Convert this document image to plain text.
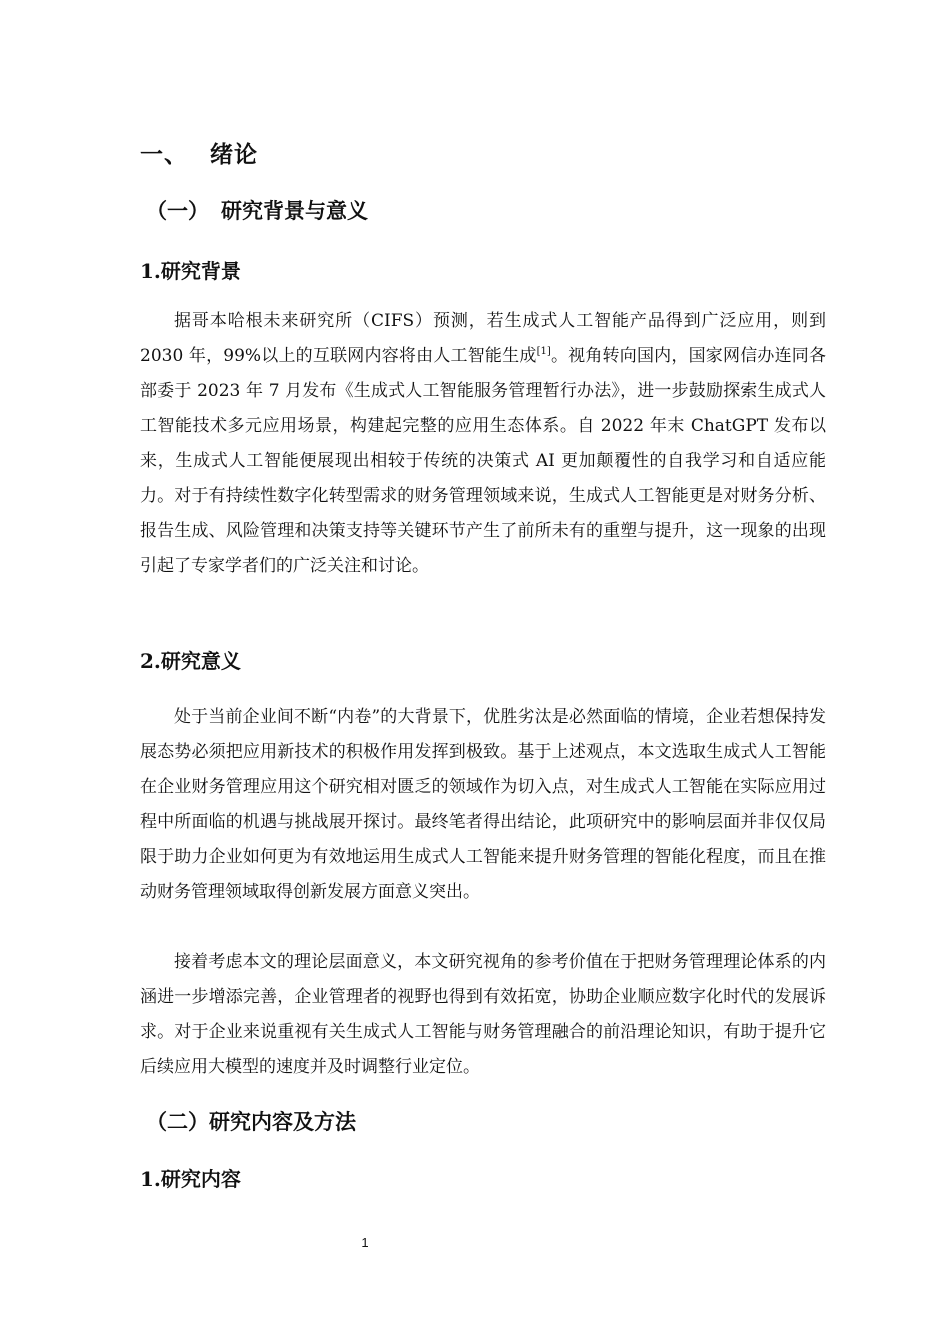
一、 绪论
（一） 研究背景与意义
1.研究背景

据哥本哈根未来研究所（CIFS）预测，若生成式人工智能产品得到广泛应用，则到 2030 年，99%以上的互联网内容将由人工智能生成[1]。视角转向国内，国家网信办连同各部委于 2023 年 7 月发布《生成式人工智能服务管理暂行办法》，进一步鼓励探索生成式人工智能技术多元应用场景，构建起完整的应用生态体系。自 2022 年末 ChatGPT 发布以来，生成式人工智能便展现出相较于传统的决策式 AI 更加颠覆性的自我学习和自适应能力。对于有持续性数字化转型需求的财务管理领域来说，生成式人工智能更是对财务分析、报告生成、风险管理和决策支持等关键环节产生了前所未有的重塑与提升，这一现象的出现引起了专家学者们的广泛关注和讨论。

2.研究意义

处于当前企业间不断“内卷”的大背景下，优胜劣汰是必然面临的情境，企业若想保持发展态势必须把应用新技术的积极作用发挥到极致。基于上述观点，本文选取生成式人工智能在企业财务管理应用这个研究相对匮乏的领域作为切入点，对生成式人工智能在实际应用过程中所面临的机遇与挑战展开探讨。最终笔者得出结论，此项研究中的影响层面并非仅仅局限于助力企业如何更为有效地运用生成式人工智能来提升财务管理的智能化程度，而且在推动财务管理领域取得创新发展方面意义突出。

接着考虑本文的理论层面意义，本文研究视角的参考价值在于把财务管理理论体系的内涵进一步增添完善，企业管理者的视野也得到有效拓宽，协助企业顺应数字化时代的发展诉求。对于企业来说重视有关生成式人工智能与财务管理融合的前沿理论知识，有助于提升它后续应用大模型的速度并及时调整行业定位。

（二）研究内容及方法
1.研究内容
1
